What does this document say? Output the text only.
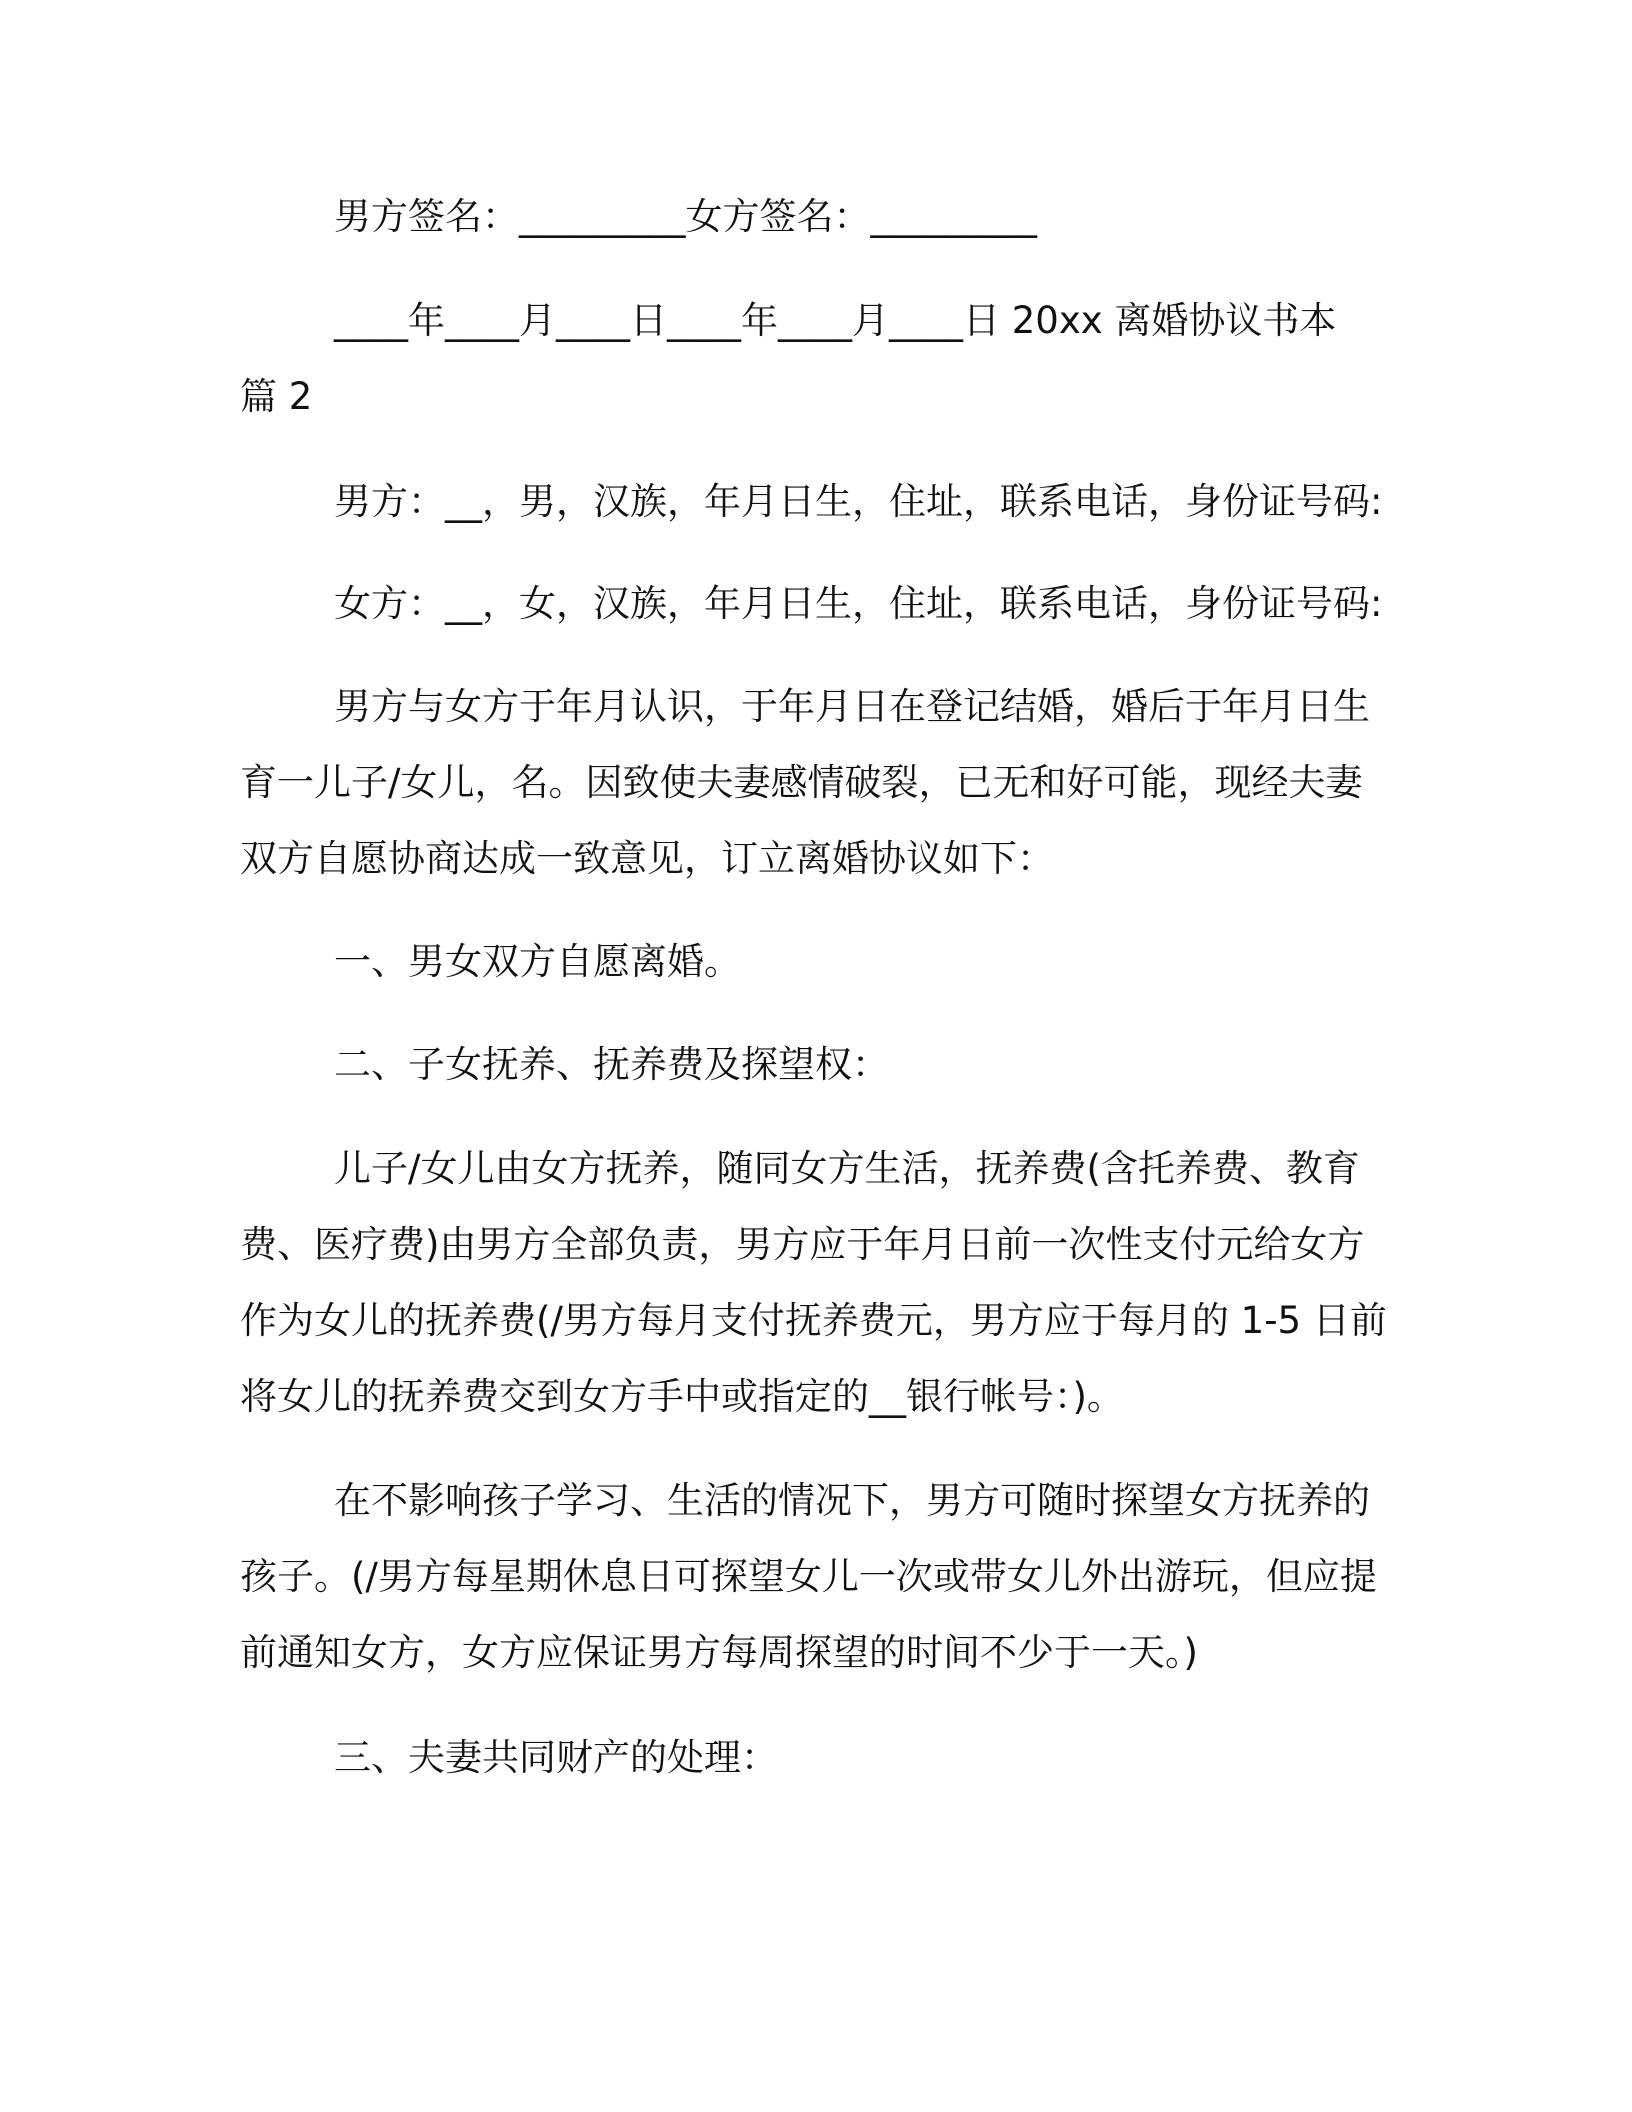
男方签名：_________女方签名：_________
____年____月____日____年____月____日 20xx 离婚协议书本
篇 2
男方：__，男，汉族，年月日生，住址，联系电话，身份证号码:
女方：__，女，汉族，年月日生，住址，联系电话，身份证号码:
男方与女方于年月认识，于年月日在登记结婚，婚后于年月日生
育一儿子/女儿，名。因致使夫妻感情破裂，已无和好可能，现经夫妻
双方自愿协商达成一致意见，订立离婚协议如下：
一、男女双方自愿离婚。
二、子女抚养、抚养费及探望权：
儿子/女儿由女方抚养，随同女方生活，抚养费(含托养费、教育
费、医疗费)由男方全部负责，男方应于年月日前一次性支付元给女方
作为女儿的抚养费(/男方每月支付抚养费元，男方应于每月的 1-5 日前
将女儿的抚养费交到女方手中或指定的__银行帐号：)。
在不影响孩子学习、生活的情况下，男方可随时探望女方抚养的
孩子。(/男方每星期休息日可探望女儿一次或带女儿外出游玩，但应提
前通知女方，女方应保证男方每周探望的时间不少于一天。)
三、夫妻共同财产的处理：
